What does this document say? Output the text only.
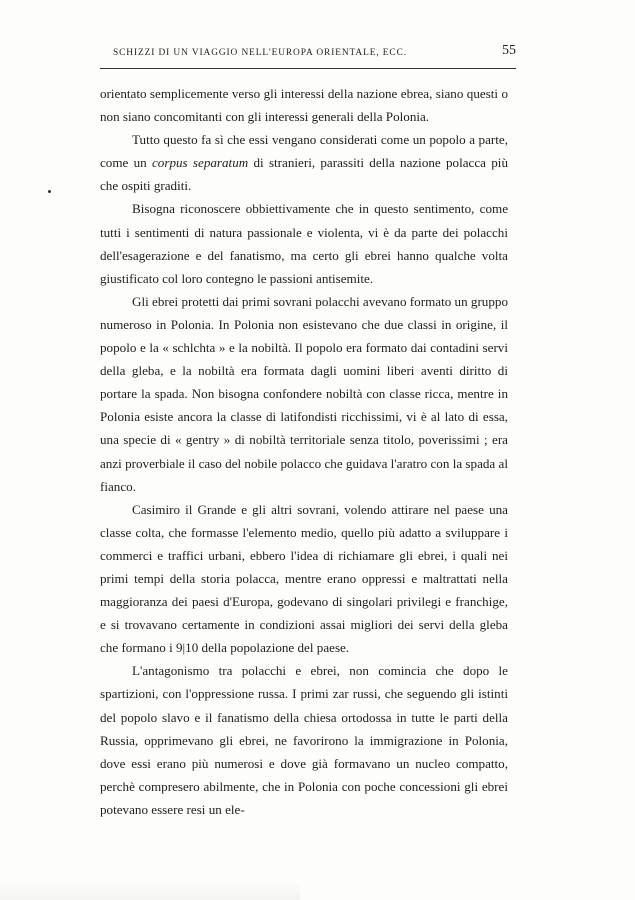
SCHIZZI DI UN VIAGGIO NELL'EUROPA ORIENTALE, ECC.	55

orientato semplicemente verso gli interessi della nazione ebrea, siano questi o non siano concomitanti con gli interessi generali della Polonia.

Tutto questo fa sì che essi vengano considerati come un popolo a parte, come un corpus separatum di stranieri, parassiti della nazione polacca più che ospiti graditi.

Bisogna riconoscere obbiettivamente che in questo sentimento, come tutti i sentimenti di natura passionale e violenta, vi è da parte dei polacchi dell'esagerazione e del fanatismo, ma certo gli ebrei hanno qualche volta giustificato col loro contegno le passioni antisemite.

Gli ebrei protetti dai primi sovrani polacchi avevano formato un gruppo numeroso in Polonia. In Polonia non esistevano che due classi in origine, il popolo e la « schlchta » e la nobiltà. Il popolo era formato dai contadini servi della gleba, e la nobiltà era formata dagli uomini liberi aventi diritto di portare la spada. Non bisogna confondere nobiltà con classe ricca, mentre in Polonia esiste ancora la classe di latifondisti ricchissimi, vi è al lato di essa, una specie di « gentry » di nobiltà territoriale senza titolo, poverissimi ; era anzi proverbiale il caso del nobile polacco che guidava l'aratro con la spada al fianco.

Casimiro il Grande e gli altri sovrani, volendo attirare nel paese una classe colta, che formasse l'elemento medio, quello più adatto a sviluppare i commerci e traffici urbani, ebbero l'idea di richiamare gli ebrei, i quali nei primi tempi della storia polacca, mentre erano oppressi e maltrattati nella maggioranza dei paesi d'Europa, godevano di singolari privilegi e franchige, e si trovavano certamente in condizioni assai migliori dei servi della gleba che formano i 9|10 della popolazione del paese.

L'antagonismo tra polacchi e ebrei, non comincia che dopo le spartizioni, con l'oppressione russa. I primi zar russi, che seguendo gli istinti del popolo slavo e il fanatismo della chiesa ortodossa in tutte le parti della Russia, opprimevano gli ebrei, ne favorirono la immigrazione in Polonia, dove essi erano più numerosi e dove già formavano un nucleo compatto, perchè compresero abilmente, che in Polonia con poche concessioni gli ebrei potevano essere resi un ele-
